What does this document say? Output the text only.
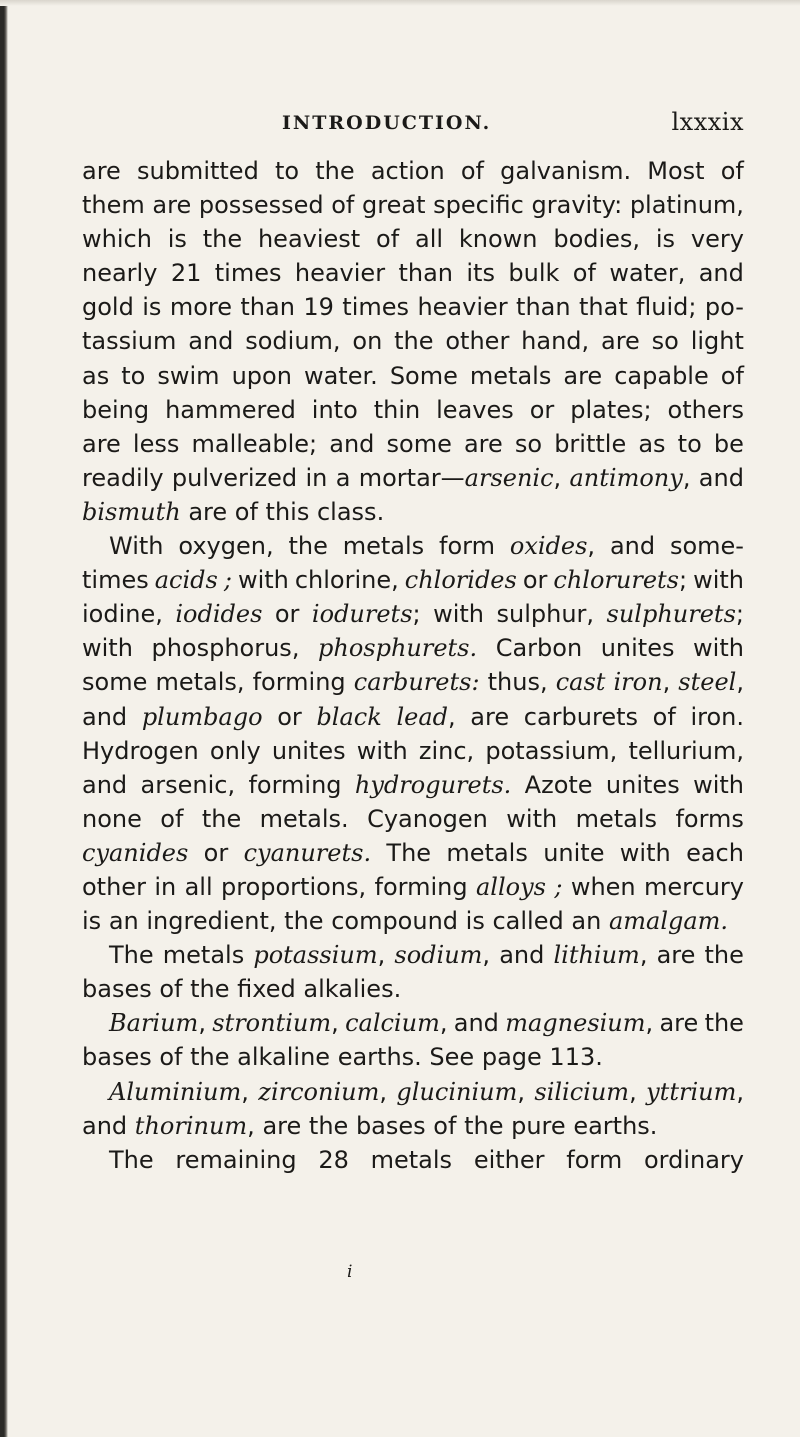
INTRODUCTION.	lxxxix
are submitted to the action of galvanism. Most of
them are possessed of great specific gravity: platinum,
which is the heaviest of all known bodies, is very
nearly 21 times heavier than its bulk of water, and
gold is more than 19 times heavier than that fluid; po-
tassium and sodium, on the other hand, are so light
as to swim upon water. Some metals are capable of
being hammered into thin leaves or plates; others
are less malleable; and some are so brittle as to be
readily pulverized in a mortar—arsenic, antimony, and
bismuth are of this class.
With oxygen, the metals form oxides, and some-
times acids ; with chlorine, chlorides or chlorurets; with
iodine, iodides or iodurets; with sulphur, sulphurets;
with phosphorus, phosphurets. Carbon unites with
some metals, forming carburets: thus, cast iron, steel,
and plumbago or black lead, are carburets of iron.
Hydrogen only unites with zinc, potassium, tellurium,
and arsenic, forming hydrogurets. Azote unites with
none of the metals. Cyanogen with metals forms
cyanides or cyanurets. The metals unite with each
other in all proportions, forming alloys ; when mercury
is an ingredient, the compound is called an amalgam.
The metals potassium, sodium, and lithium, are the
bases of the fixed alkalies.
Barium, strontium, calcium, and magnesium, are the
bases of the alkaline earths. See page 113.
Aluminium, zirconium, glucinium, silicium, yttrium,
and thorinum, are the bases of the pure earths.
The remaining 28 metals either form ordinary
i
